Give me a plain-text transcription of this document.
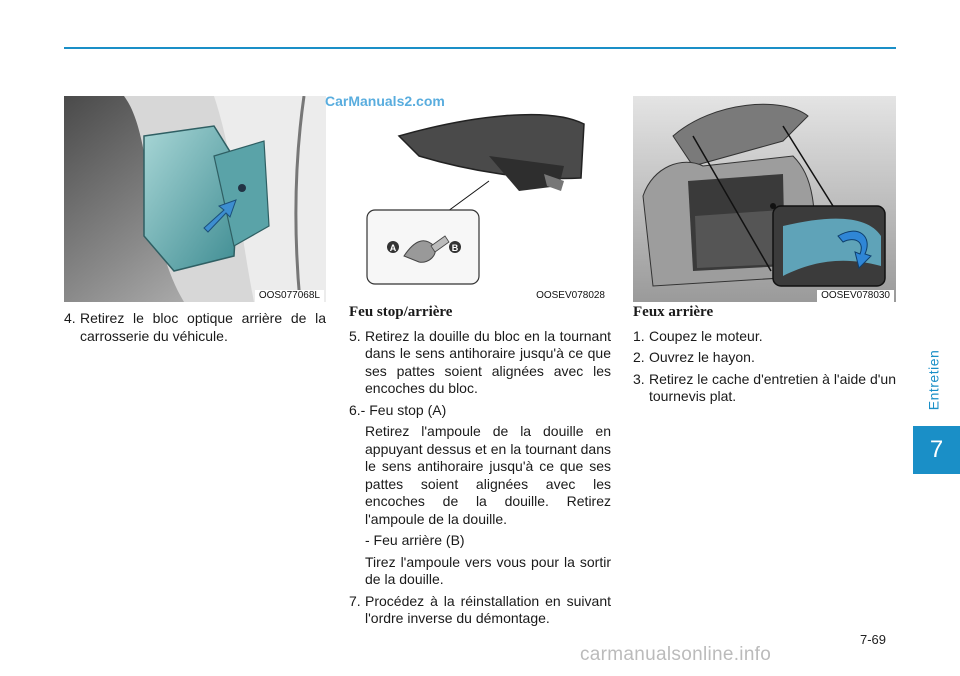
Entretien
7
OOS077068L
A	B
OOSEV078028	OOSEV078030
CarManuals2.com

4. Retirez le bloc optique arrière de la carrosserie du véhicule.

Feu stop/arrière

5. Retirez la douille du bloc en la tournant dans le sens antihoraire jusqu'à ce que ses pattes soient alignées avec les encoches du bloc.

6.- Feu stop (A)

Retirez l'ampoule de la douille en appuyant dessus et en la tournant dans le sens antihoraire jusqu'à ce que ses pattes soient alignées avec les encoches de la douille. Retirez l'ampoule de la douille.

- Feu arrière (B)

Tirez l'ampoule vers vous pour la sortir de la douille.

7. Procédez à la réinstallation en suivant l'ordre inverse du démontage.

Feux arrière

1. Coupez le moteur.

2. Ouvrez le hayon.

3. Retirez le cache d'entretien à l'aide d'un tournevis plat.

7-69
carmanualsonline.info
